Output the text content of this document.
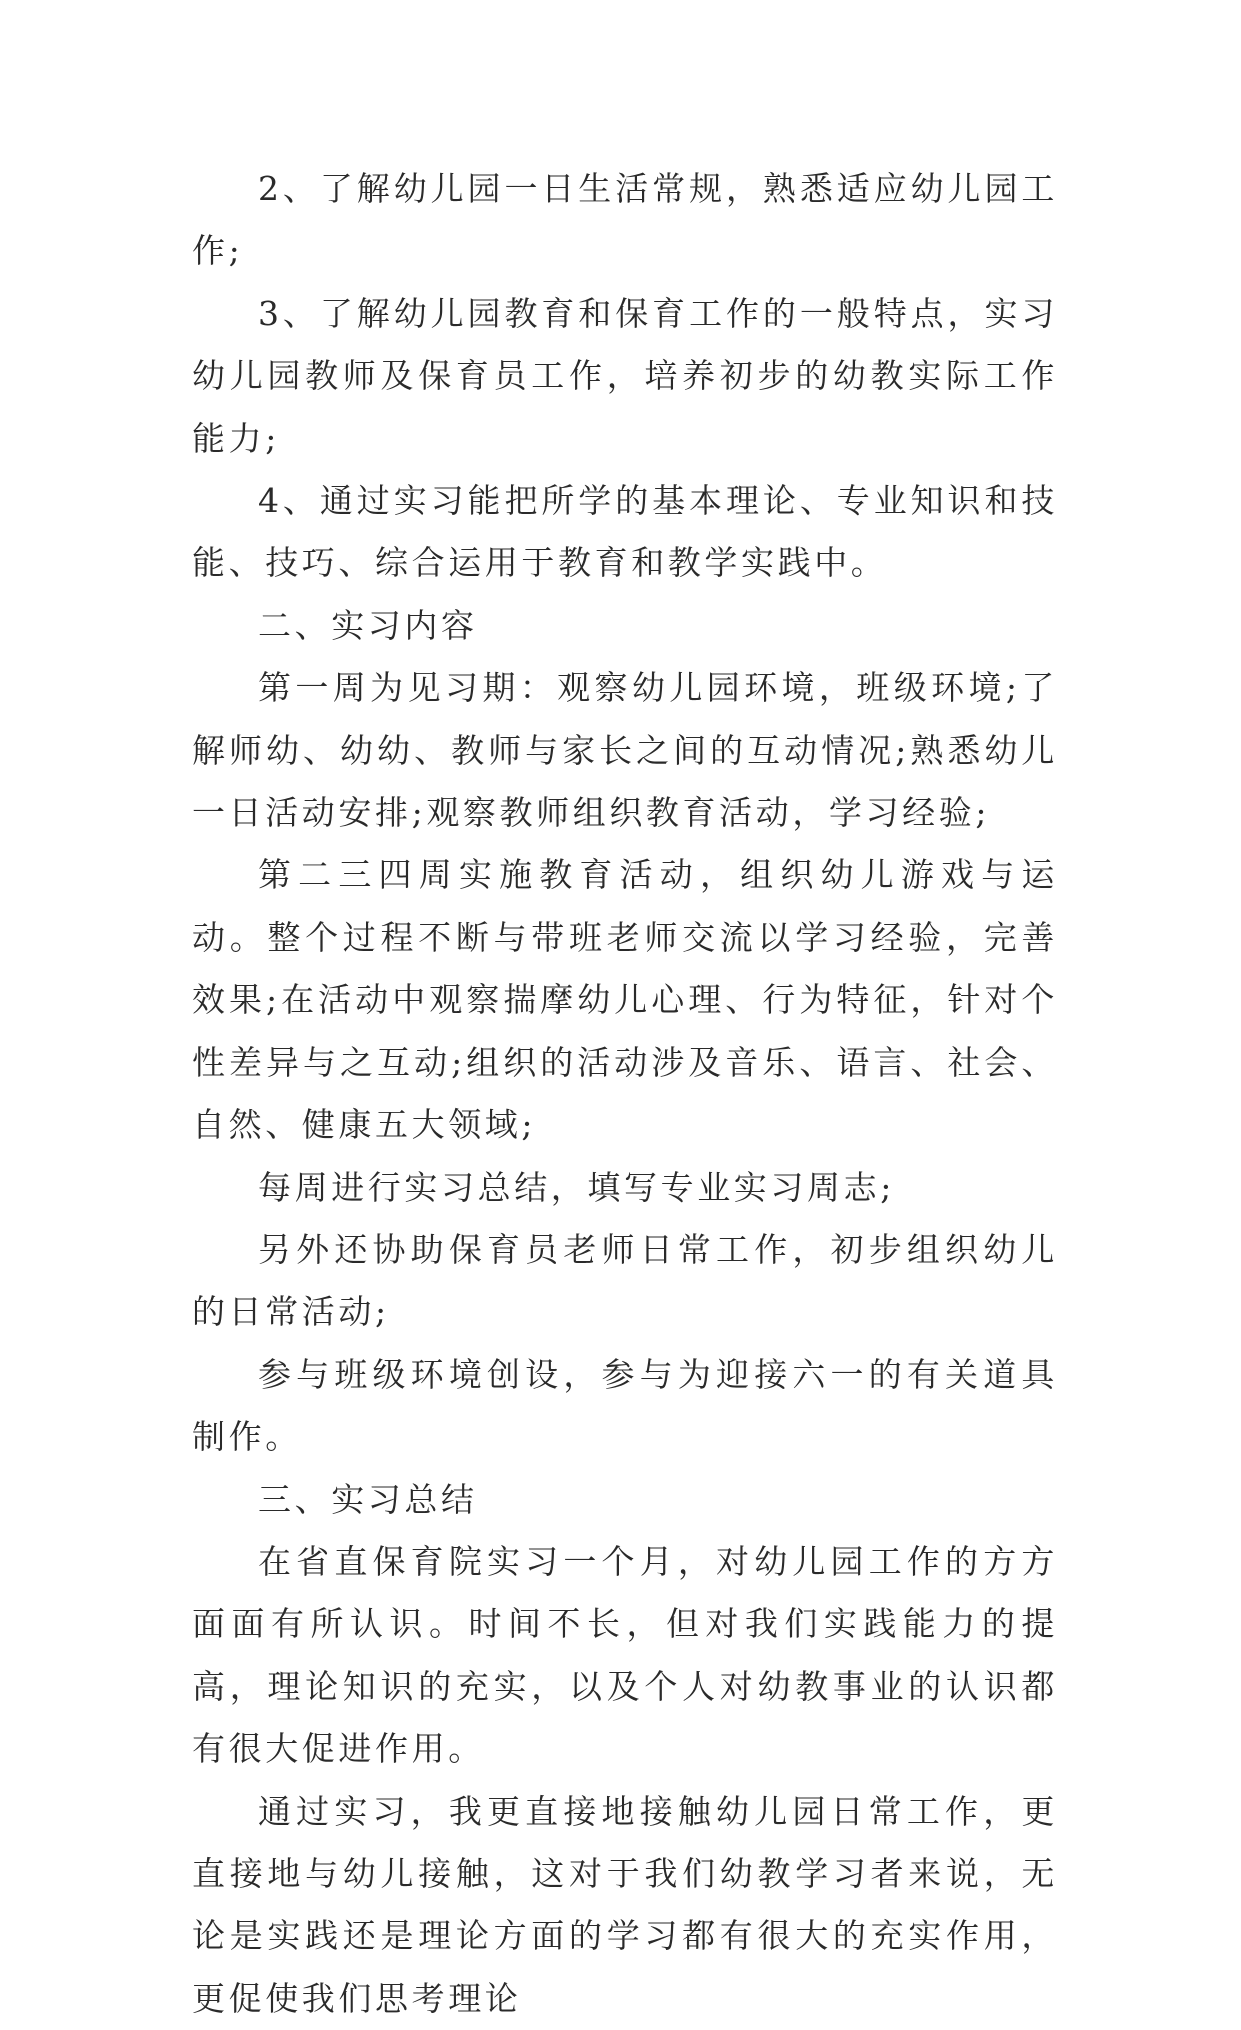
2、了解幼儿园一日生活常规，熟悉适应幼儿园工作;

3、了解幼儿园教育和保育工作的一般特点，实习幼儿园教师及保育员工作，培养初步的幼教实际工作能力;

4、通过实习能把所学的基本理论、专业知识和技能、技巧、综合运用于教育和教学实践中。

二、实习内容

第一周为见习期：观察幼儿园环境，班级环境;了解师幼、幼幼、教师与家长之间的互动情况;熟悉幼儿一日活动安排;观察教师组织教育活动，学习经验;

第二三四周实施教育活动，组织幼儿游戏与运动。整个过程不断与带班老师交流以学习经验，完善效果;在活动中观察揣摩幼儿心理、行为特征，针对个性差异与之互动;组织的活动涉及音乐、语言、社会、自然、健康五大领域;

每周进行实习总结，填写专业实习周志;

另外还协助保育员老师日常工作，初步组织幼儿的日常活动;

参与班级环境创设，参与为迎接六一的有关道具制作。

三、实习总结

在省直保育院实习一个月，对幼儿园工作的方方面面有所认识。时间不长，但对我们实践能力的提高，理论知识的充实，以及个人对幼教事业的认识都有很大促进作用。

通过实习，我更直接地接触幼儿园日常工作，更直接地与幼儿接触，这对于我们幼教学习者来说，无论是实践还是理论方面的学习都有很大的充实作用，更促使我们思考理论
